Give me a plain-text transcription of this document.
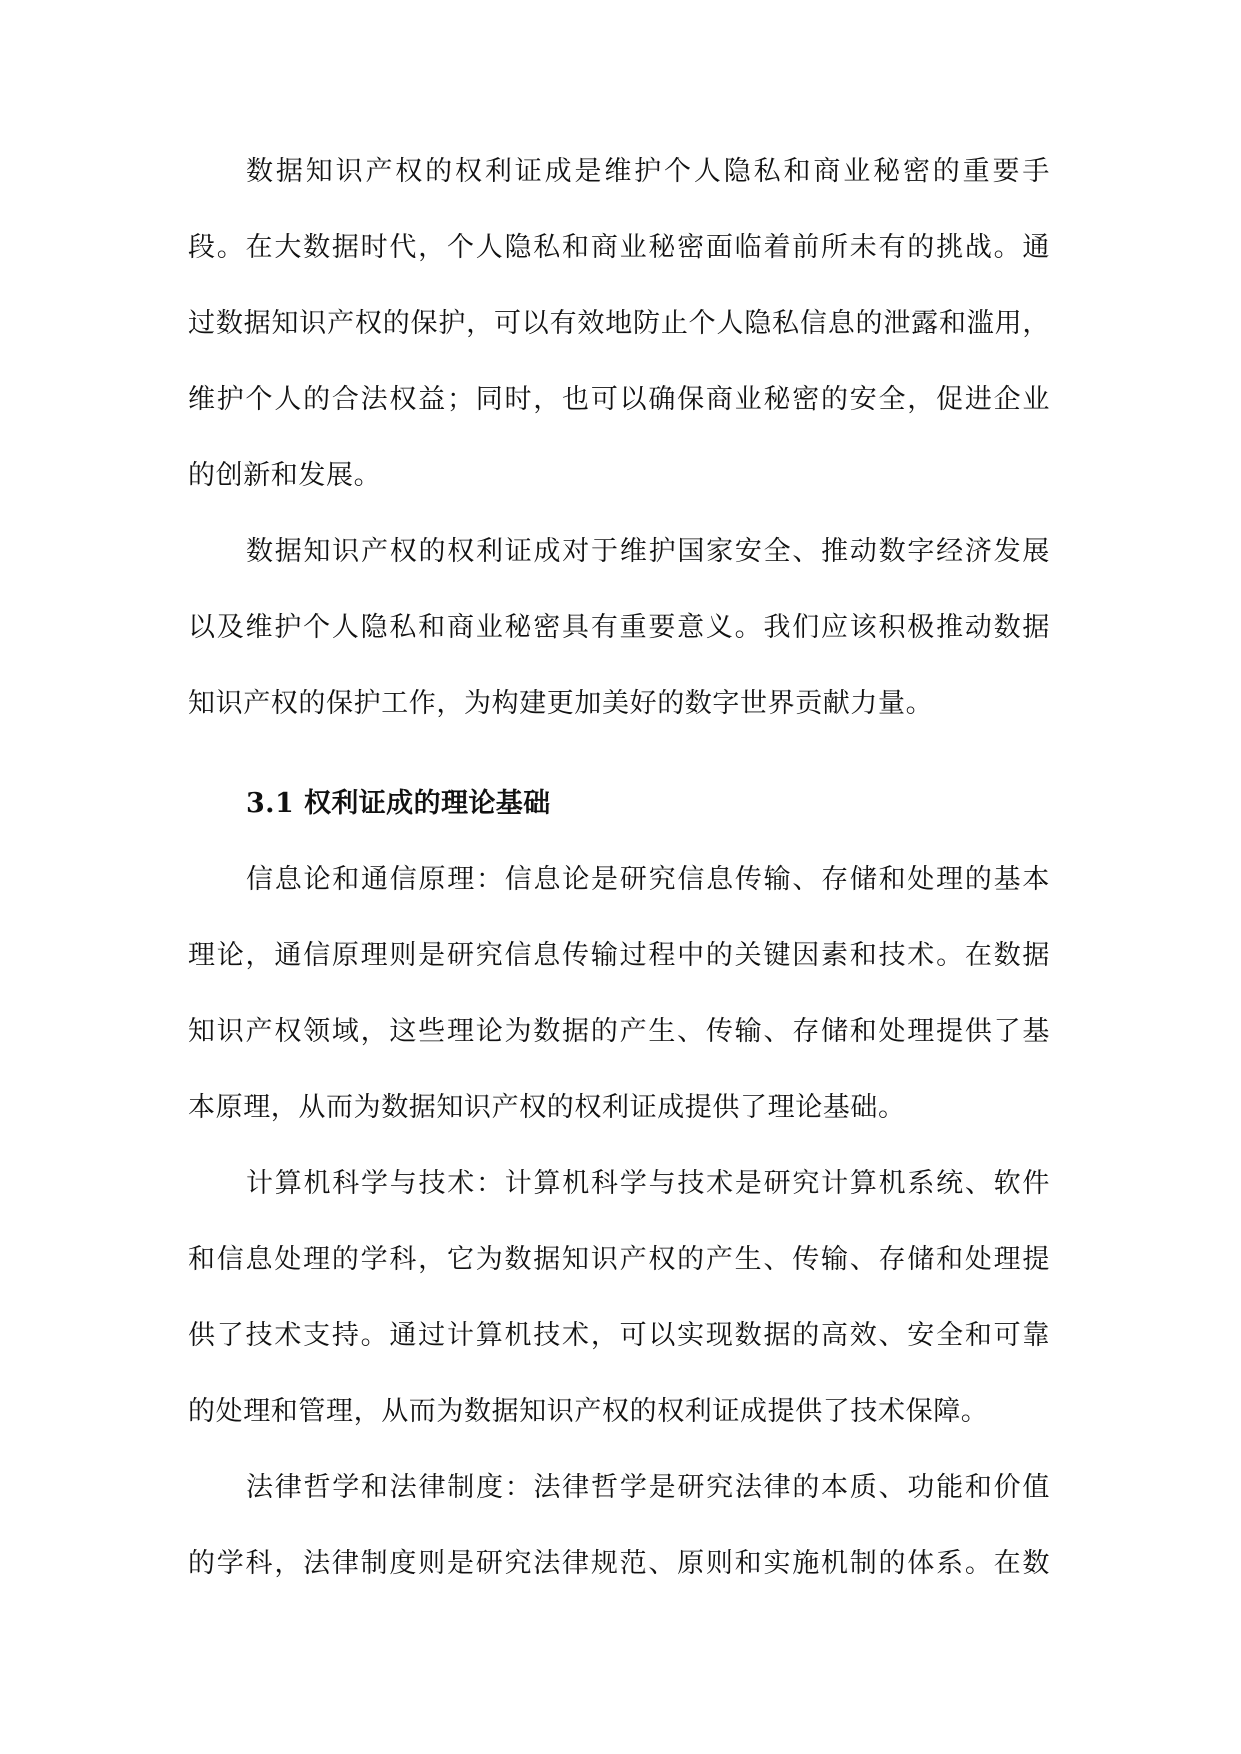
数据知识产权的权利证成是维护个人隐私和商业秘密的重要手
段。在大数据时代，个人隐私和商业秘密面临着前所未有的挑战。通
过数据知识产权的保护，可以有效地防止个人隐私信息的泄露和滥用，
维护个人的合法权益；同时，也可以确保商业秘密的安全，促进企业
的创新和发展。
数据知识产权的权利证成对于维护国家安全、推动数字经济发展
以及维护个人隐私和商业秘密具有重要意义。我们应该积极推动数据
知识产权的保护工作，为构建更加美好的数字世界贡献力量。
3.1 权利证成的理论基础
信息论和通信原理：信息论是研究信息传输、存储和处理的基本
理论，通信原理则是研究信息传输过程中的关键因素和技术。在数据
知识产权领域，这些理论为数据的产生、传输、存储和处理提供了基
本原理，从而为数据知识产权的权利证成提供了理论基础。
计算机科学与技术：计算机科学与技术是研究计算机系统、软件
和信息处理的学科，它为数据知识产权的产生、传输、存储和处理提
供了技术支持。通过计算机技术，可以实现数据的高效、安全和可靠
的处理和管理，从而为数据知识产权的权利证成提供了技术保障。
法律哲学和法律制度：法律哲学是研究法律的本质、功能和价值
的学科，法律制度则是研究法律规范、原则和实施机制的体系。在数
